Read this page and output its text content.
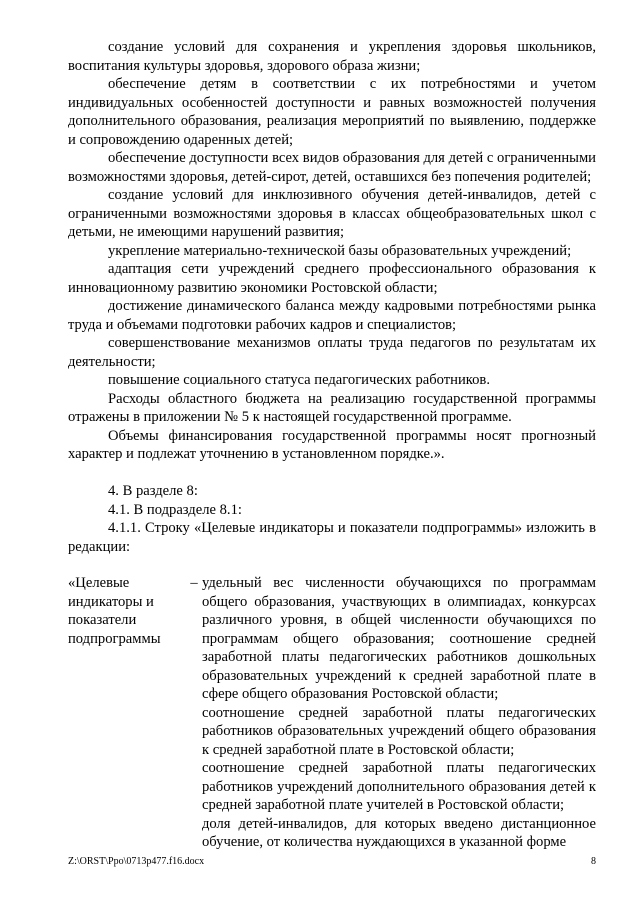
создание условий для сохранения и укрепления здоровья школьников, воспитания культуры здоровья, здорового образа жизни;

обеспечение детям в соответствии с их потребностями и учетом индивидуальных особенностей доступности и равных возможностей получения дополнительного образования, реализация мероприятий по выявлению, поддержке и сопровождению одаренных детей;

обеспечение доступности всех видов образования для детей с ограниченными возможностями здоровья, детей-сирот, детей, оставшихся без попечения родителей;

создание условий для инклюзивного обучения детей-инвалидов, детей с ограниченными возможностями здоровья в классах общеобразовательных школ с детьми, не имеющими нарушений развития;

укрепление материально-технической базы образовательных учреждений;

адаптация сети учреждений среднего профессионального образования к инновационному развитию экономики Ростовской области;

достижение динамического баланса между кадровыми потребностями рынка труда и объемами подготовки рабочих кадров и специалистов;

совершенствование механизмов оплаты труда педагогов по результатам их деятельности;

повышение социального статуса педагогических работников.

Расходы областного бюджета на реализацию государственной программы отражены в приложении № 5 к настоящей государственной программе.

Объемы финансирования государственной программы носят прогнозный характер и подлежат уточнению в установленном порядке.».

4. В разделе 8:

4.1. В подразделе 8.1:

4.1.1. Строку «Целевые индикаторы и показатели подпрограммы» изложить в редакции:

«Целевые
индикаторы и
показатели
подпрограммы
– удельный вес численности обучающихся по программам общего образования, участвующих в олимпиадах, конкурсах различного уровня, в общей численности обучающихся по программам общего образования; соотношение средней заработной платы педагогических работников дошкольных образовательных учреждений к средней заработной плате в сфере общего образования Ростовской области;

соотношение средней заработной платы педагогических работников образовательных учреждений общего образования к средней заработной плате в Ростовской области;

соотношение средней заработной платы педагогических работников учреждений дополнительного образования детей к средней заработной плате учителей в Ростовской области;

доля детей-инвалидов, для которых введено дистанционное обучение, от количества нуждающихся в указанной форме

Z:\ORST\Ppo\0713p477.f16.docx	8
